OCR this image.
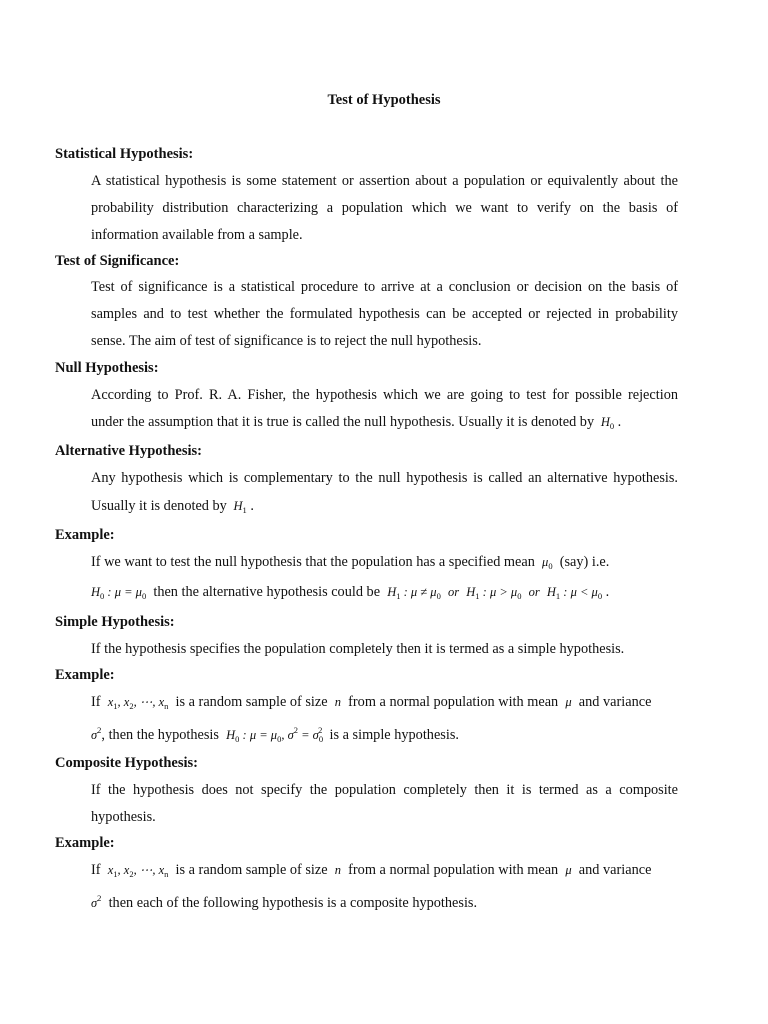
Test of Hypothesis
Statistical Hypothesis:
A statistical hypothesis is some statement or assertion about a population or equivalently about the
probability distribution characterizing a population which we want to verify on the basis of
information available from a sample.
Test of Significance:
Test of significance is a statistical procedure to arrive at a conclusion or decision on the basis of
samples and to test whether the formulated hypothesis can be accepted or rejected in probability
sense. The aim of test of significance is to reject the null hypothesis.
Null Hypothesis:
According to Prof. R. A. Fisher, the hypothesis which we are going to test for possible rejection
under the assumption that it is true is called the null hypothesis. Usually it is denoted by  $H_0$ .
Alternative Hypothesis:
Any hypothesis which is complementary to the null hypothesis is called an alternative hypothesis.
Usually it is denoted by  $H_1$ .
Example:
If we want to test the null hypothesis that the population has a specified mean $\mu_0$ (say) i.e.
$H_0$ : $\mu = \mu_0$ then the alternative hypothesis could be $H_1$ : $\mu \ne \mu_0$ or $H_1$ : $\mu > \mu_0$ or $H_1$ : $\mu < \mu_0$ .
Simple Hypothesis:
If the hypothesis specifies the population completely then it is termed as a simple hypothesis.
Example:
If $x_1$, $x_2$, ⋯, $x_n$ is a random sample of size n from a normal population with mean μ and variance
$\sigma^2$, then the hypothesis $H_0$ : $\mu = \mu_0$, $\sigma^2 = \sigma_0^2$ is a simple hypothesis.
Composite Hypothesis:
If the hypothesis does not specify the population completely then it is termed as a composite
hypothesis.
Example:
If $x_1$, $x_2$, ⋯, $x_n$ is a random sample of size n from a normal population with mean μ and variance
$\sigma^2$ then each of the following hypothesis is a composite hypothesis.
